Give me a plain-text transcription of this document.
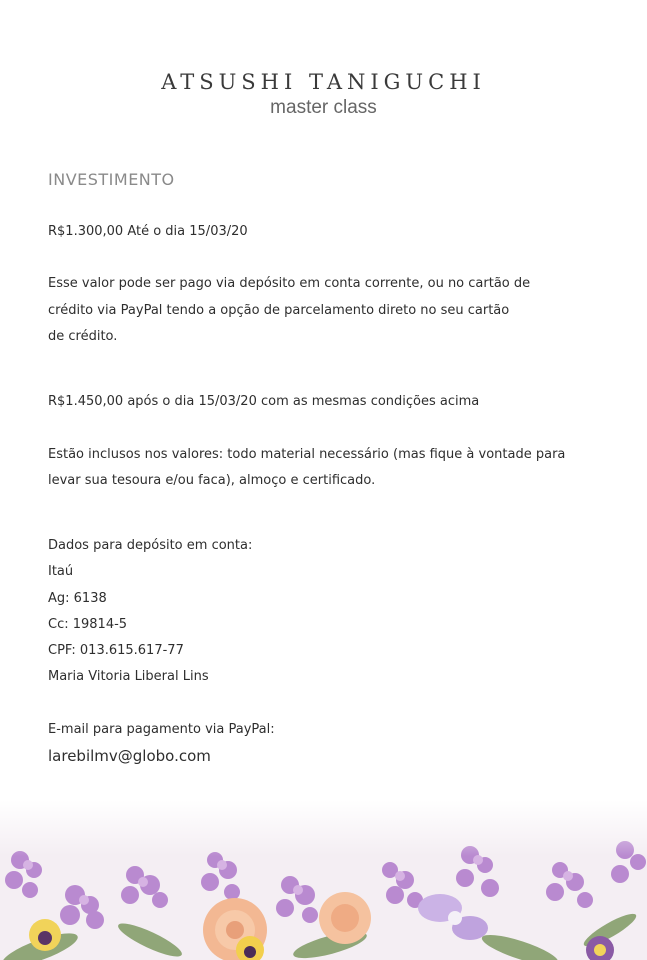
ATSUSHI TANIGUCHI
master class
INVESTIMENTO

R$1.300,00 Até o dia 15/03/20

Esse valor pode ser pago via depósito em conta corrente, ou no cartão de
crédito via PayPal tendo a opção de parcelamento direto no seu cartão
de crédito.

R$1.450,00 após o dia 15/03/20 com as mesmas condições acima

Estão inclusos nos valores: todo material necessário (mas fique à vontade para
levar sua tesoura e/ou faca), almoço e certificado.

Dados para depósito em conta:
Itaú
Ag: 6138
Cc: 19814-5
CPF: 013.615.617-77
Maria Vitoria Liberal Lins
E-mail para pagamento via PayPal:
larebilmv@globo.com
